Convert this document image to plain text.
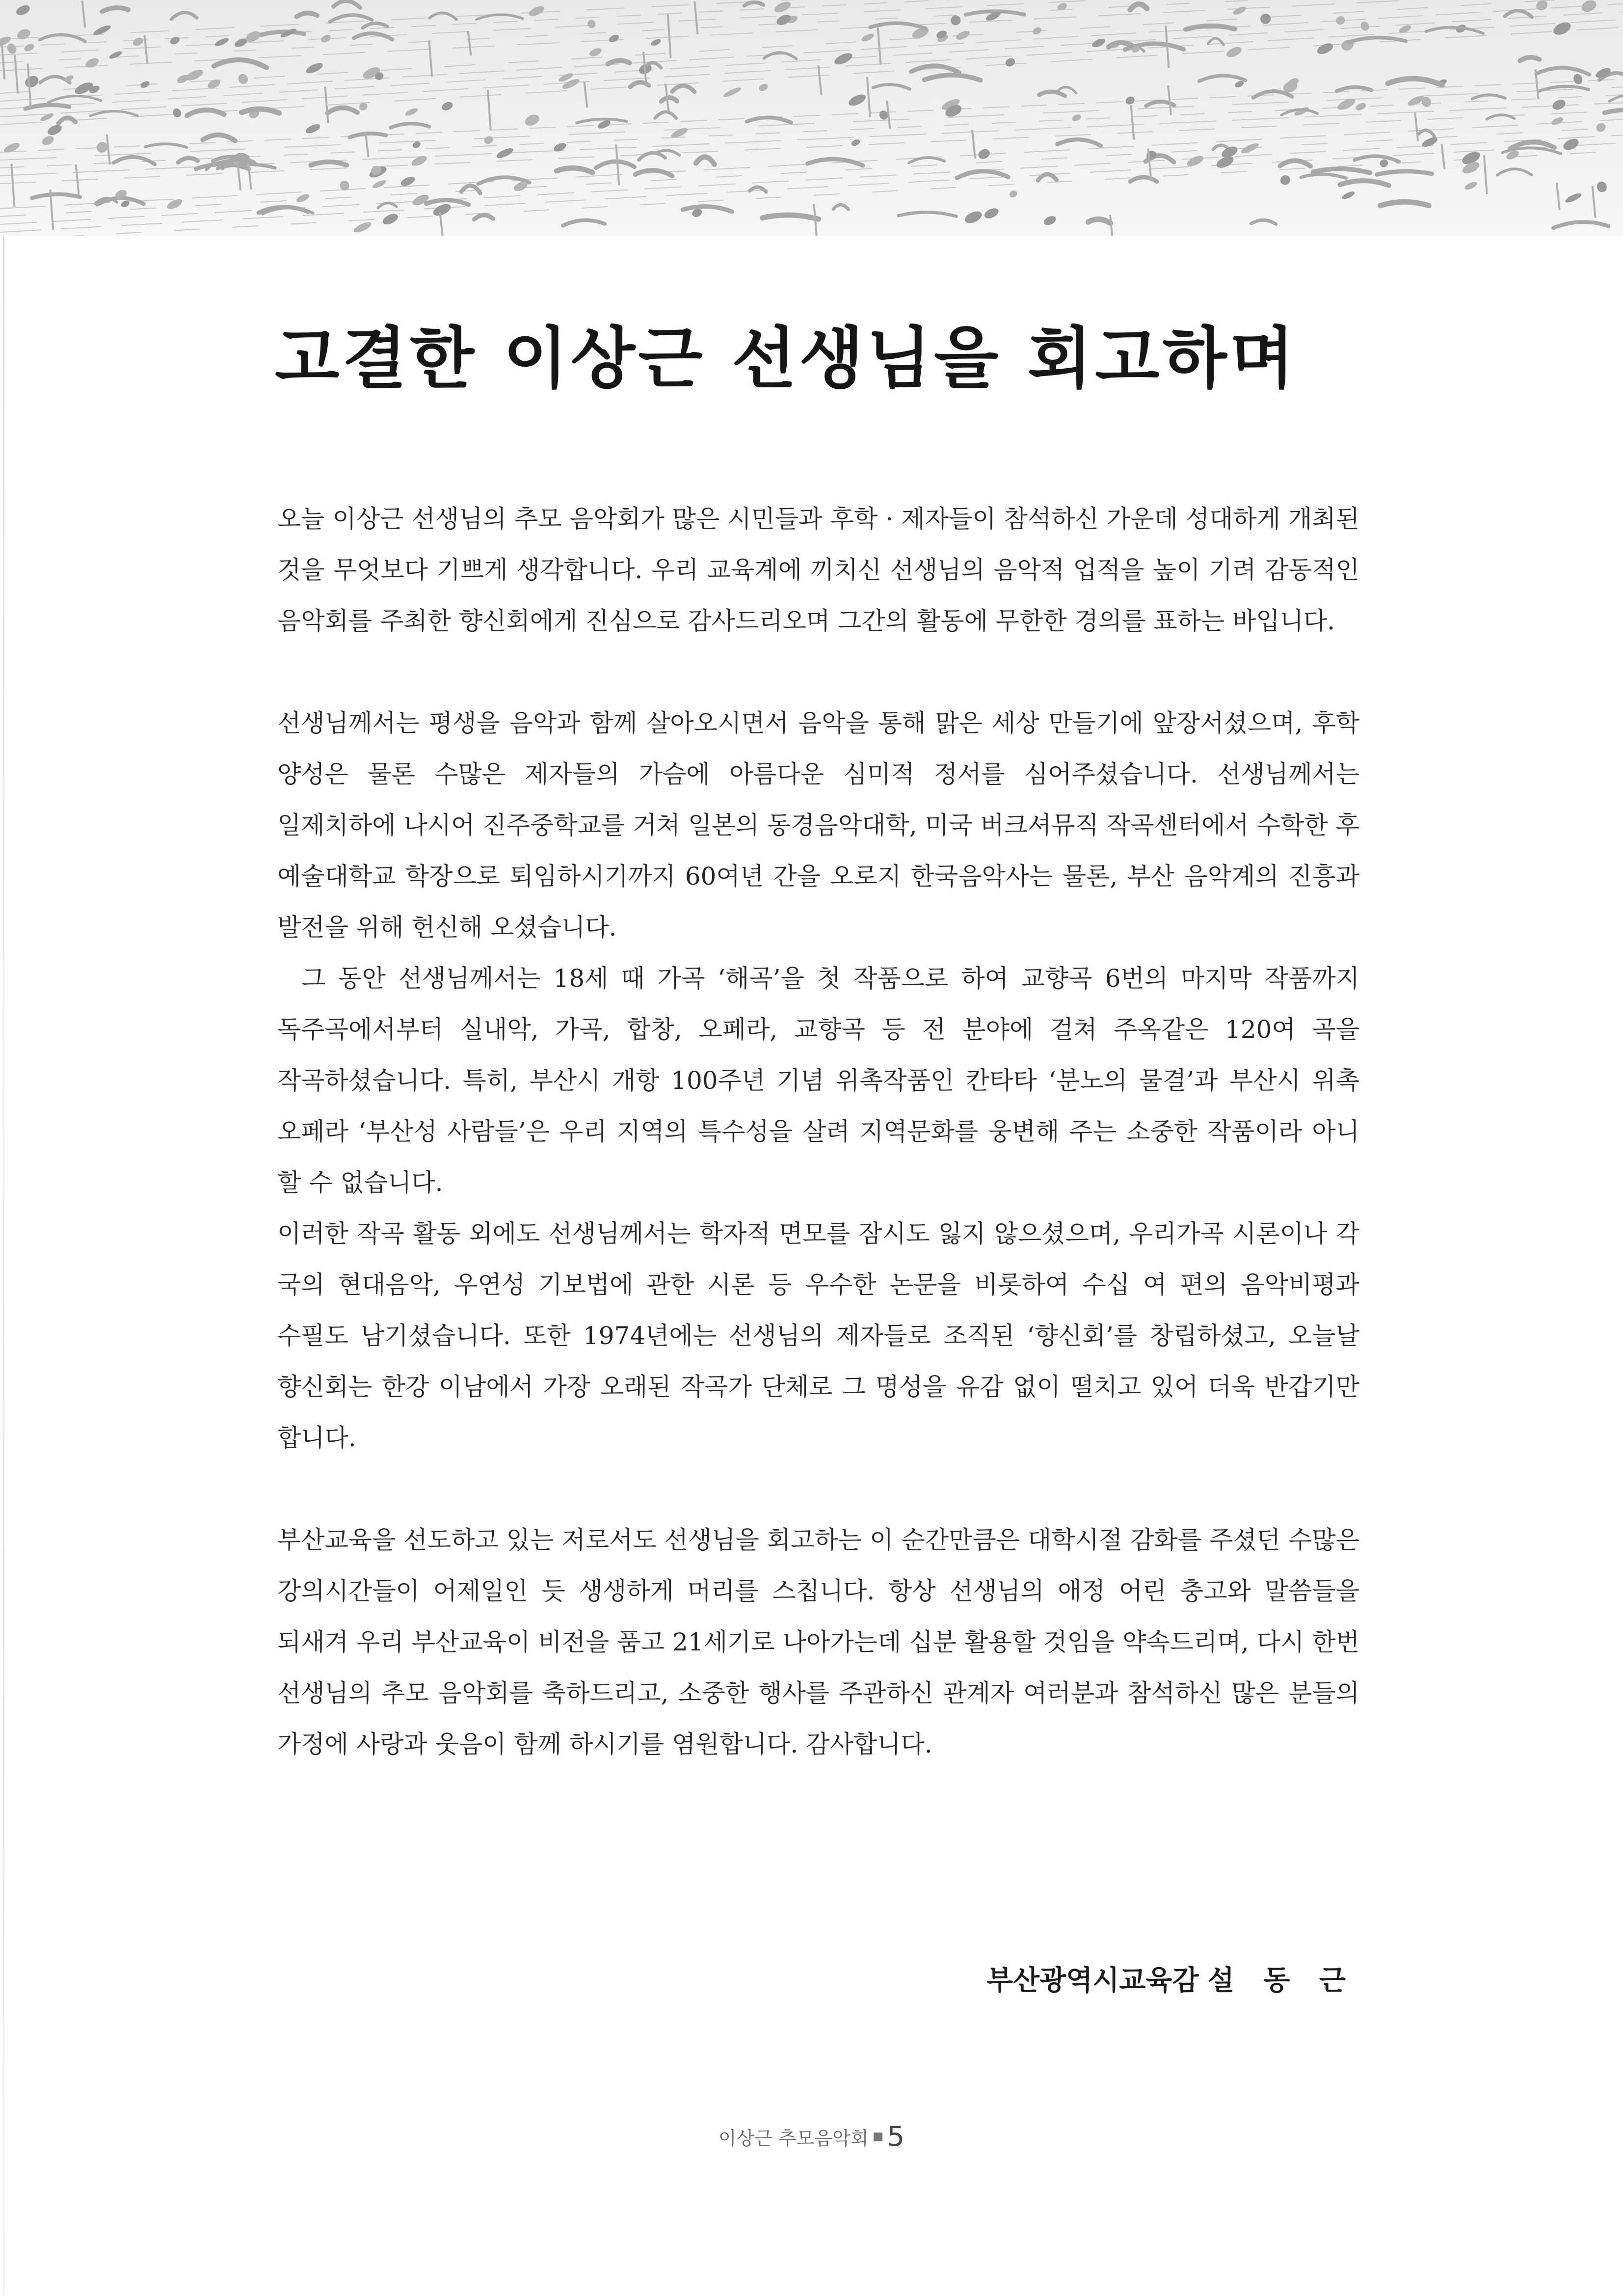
고결한 이상근 선생님을 회고하며

오늘 이상근 선생님의 추모 음악회가 많은 시민들과 후학 · 제자들이 참석하신 가운데 성대하게 개최된 것을 무엇보다 기쁘게 생각합니다. 우리 교육계에 끼치신 선생님의 음악적 업적을 높이 기려 감동적인 음악회를 주최한 향신회에게 진심으로 감사드리오며 그간의 활동에 무한한 경의를 표하는 바입니다.

선생님께서는 평생을 음악과 함께 살아오시면서 음악을 통해 맑은 세상 만들기에 앞장서셨으며, 후학 양성은 물론 수많은 제자들의 가슴에 아름다운 심미적 정서를 심어주셨습니다. 선생님께서는 일제치하에 나시어 진주중학교를 거쳐 일본의 동경음악대학, 미국 버크셔뮤직 작곡센터에서 수학한 후 예술대학교 학장으로 퇴임하시기까지 60여년 간을 오로지 한국음악사는 물론, 부산 음악계의 진흥과 발전을 위해 헌신해 오셨습니다.

그 동안 선생님께서는 18세 때 가곡 ‘해곡’을 첫 작품으로 하여 교향곡 6번의 마지막 작품까지 독주곡에서부터 실내악, 가곡, 합창, 오페라, 교향곡 등 전 분야에 걸쳐 주옥같은 120여 곡을 작곡하셨습니다. 특히, 부산시 개항 100주년 기념 위촉작품인 칸타타 ‘분노의 물결’과 부산시 위촉 오페라 ‘부산성 사람들’은 우리 지역의 특수성을 살려 지역문화를 웅변해 주는 소중한 작품이라 아니 할 수 없습니다.

이러한 작곡 활동 외에도 선생님께서는 학자적 면모를 잠시도 잃지 않으셨으며, 우리가곡 시론이나 각 국의 현대음악, 우연성 기보법에 관한 시론 등 우수한 논문을 비롯하여 수십 여 편의 음악비평과 수필도 남기셨습니다. 또한 1974년에는 선생님의 제자들로 조직된 ‘향신회’를 창립하셨고, 오늘날 향신회는 한강 이남에서 가장 오래된 작곡가 단체로 그 명성을 유감 없이 떨치고 있어 더욱 반갑기만 합니다.

부산교육을 선도하고 있는 저로서도 선생님을 회고하는 이 순간만큼은 대학시절 감화를 주셨던 수많은 강의시간들이 어제일인 듯 생생하게 머리를 스칩니다. 항상 선생님의 애정 어린 충고와 말씀들을 되새겨 우리 부산교육이 비전을 품고 21세기로 나아가는데 십분 활용할 것임을 약속드리며, 다시 한번 선생님의 추모 음악회를 축하드리고, 소중한 행사를 주관하신 관계자 여러분과 참석하신 많은 분들의 가정에 사랑과 웃음이 함께 하시기를 염원합니다. 감사합니다.

부산광역시교육감 설 동 근
이상근 추모음악회 5
